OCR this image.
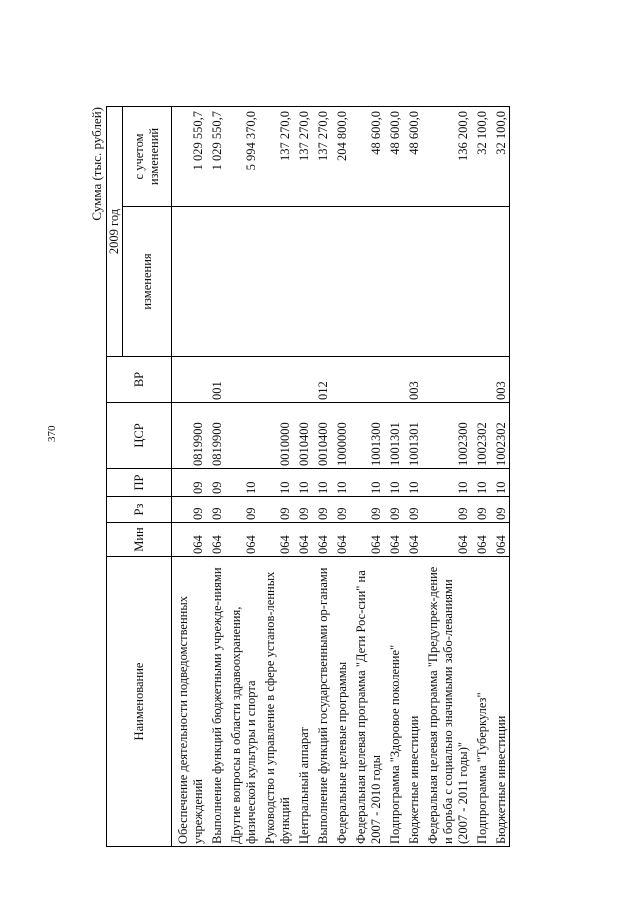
370
Сумма (тыс. рублей)
Наименование	Мин	Рз	ПР	ЦСР	ВР	2009 год	
						изменения	с учетом изменений
Обеспечение деятельности подведомственных учреждений	064	09	09	0819900			1 029 550,7
Выполнение функций бюджетными учрежде-ниями	064	09	09	0819900	001		1 029 550,7
Другие вопросы в области здравоохранения, физической культуры и спорта	064	09	10				5 994 370,0
Руководство и управление в сфере установ-ленных функций	064	09	10	0010000			137 270,0
Центральный аппарат	064	09	10	0010400			137 270,0
Выполнение функций государственными ор-ганами	064	09	10	0010400	012		137 270,0
Федеральные целевые программы	064	09	10	1000000			204 800,0
Федеральная целевая программа "Дети Рос-сии" на 2007 - 2010 годы	064	09	10	1001300			48 600,0
Подпрограмма "Здоровое поколение"	064	09	10	1001301			48 600,0
Бюджетные инвестиции	064	09	10	1001301	003		48 600,0
Федеральная целевая программа "Предупреж-дение и борьба с социально значимыми забо-леваниями (2007 - 2011 годы)"	064	09	10	1002300			136 200,0
Подпрограмма "Туберкулез"	064	09	10	1002302			32 100,0
Бюджетные инвестиции	064	09	10	1002302	003		32 100,0
